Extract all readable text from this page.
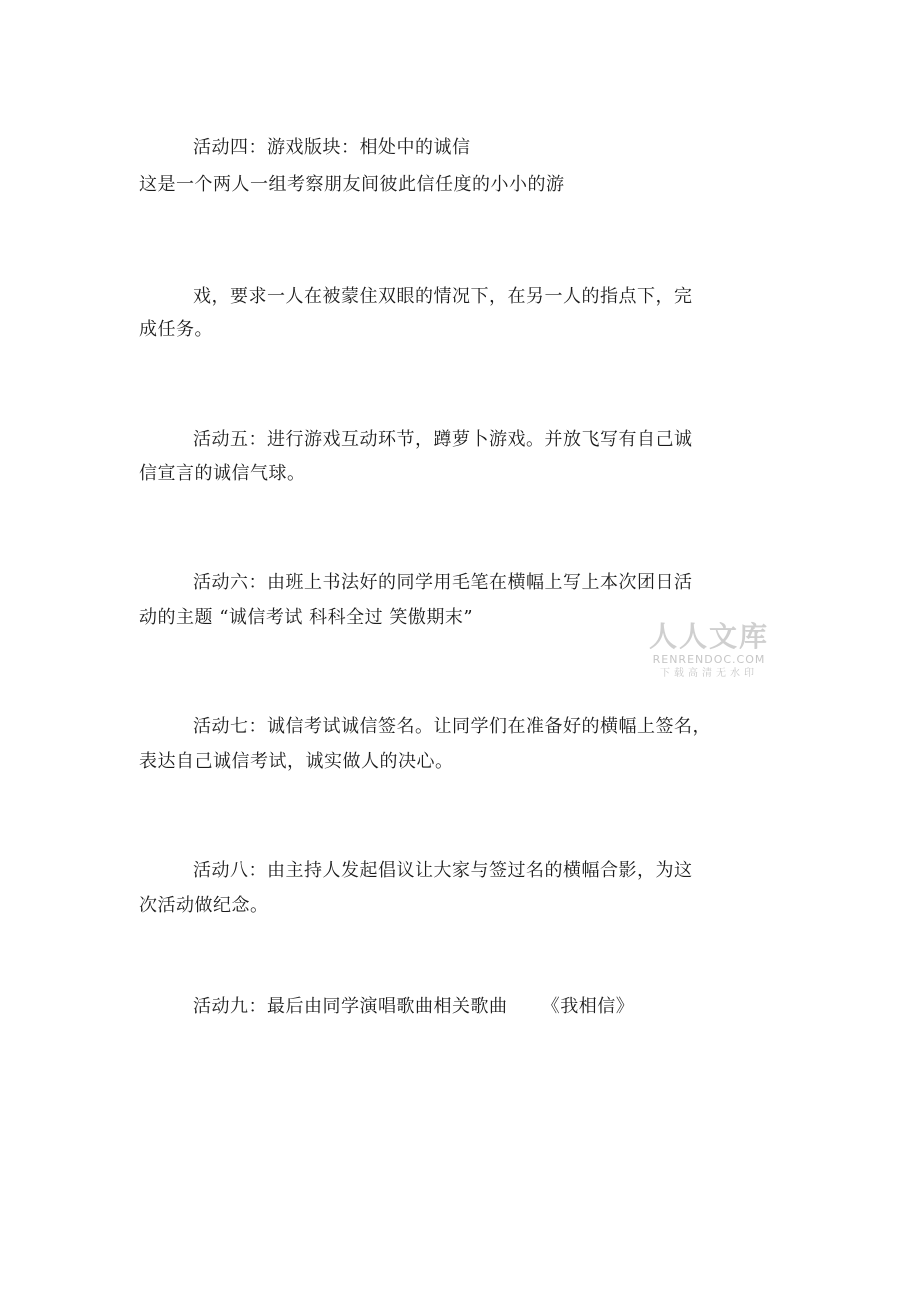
活动四：游戏版块：相处中的诚信
这是一个两人一组考察朋友间彼此信任度的小小的游
戏，要求一人在被蒙住双眼的情况下，在另一人的指点下，完
成任务。
活动五：进行游戏互动环节，蹲萝卜游戏。并放飞写有自己诚
信宣言的诚信气球。
活动六：由班上书法好的同学用毛笔在横幅上写上本次团日活
动的主题 “诚信考试 科科全过 笑傲期末”
活动七：诚信考试诚信签名。让同学们在准备好的横幅上签名，
表达自己诚信考试，诚实做人的决心。
活动八：由主持人发起倡议让大家与签过名的横幅合影，为这
次活动做纪念。
活动九：最后由同学演唱歌曲相关歌曲 　　《我相信》
人人文库
RENRENDOC.COM
下载高清无水印
